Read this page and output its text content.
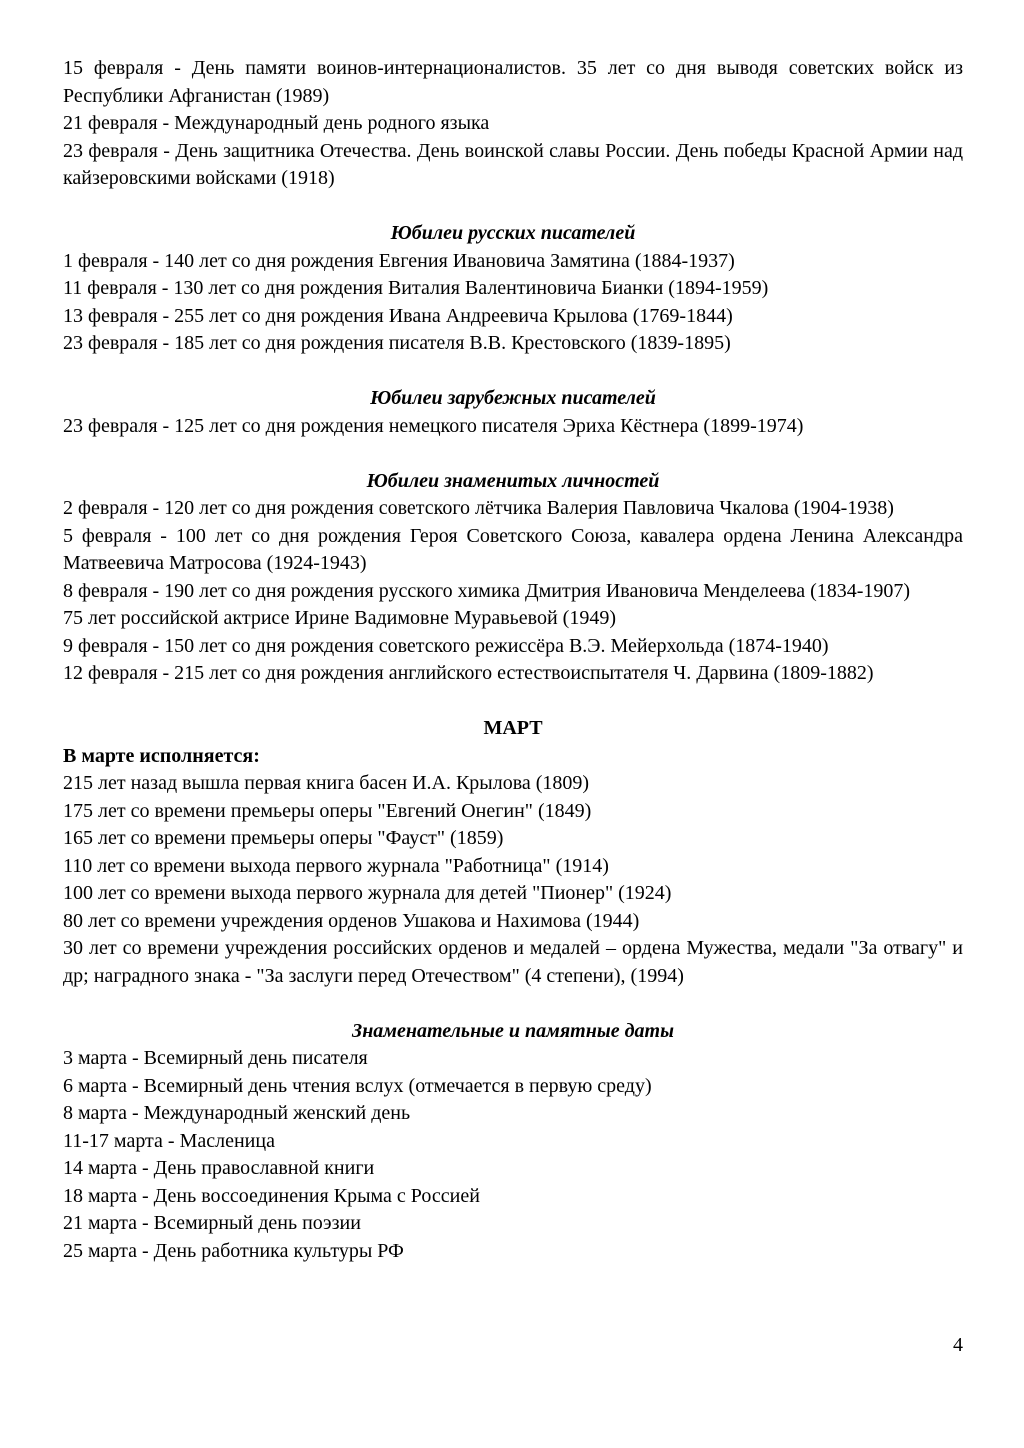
15 февраля - День памяти воинов-интернационалистов. 35 лет со дня выводя советских войск из Республики Афганистан (1989)

21 февраля - Международный день родного языка

23 февраля - День защитника Отечества. День воинской славы России. День победы Красной Армии над кайзеровскими войсками (1918)

Юбилеи русских писателей

1 февраля - 140 лет со дня рождения Евгения Ивановича Замятина (1884-1937)

11 февраля - 130 лет со дня рождения Виталия Валентиновича Бианки (1894-1959)

13 февраля - 255 лет со дня рождения Ивана Андреевича Крылова (1769-1844)

23 февраля - 185 лет со дня рождения писателя В.В. Крестовского (1839-1895)

Юбилеи зарубежных писателей

23 февраля - 125 лет со дня рождения немецкого писателя Эриха Кёстнера (1899-1974)

Юбилеи знаменитых личностей

2 февраля - 120 лет со дня рождения советского лётчика Валерия Павловича Чкалова (1904-1938)

5 февраля - 100 лет со дня рождения Героя Советского Союза, кавалера ордена Ленина Александра Матвеевича Матросова (1924-1943)

8 февраля - 190 лет со дня рождения русского химика Дмитрия Ивановича Менделеева (1834-1907)

75 лет российской актрисе Ирине Вадимовне Муравьевой (1949)

9 февраля - 150 лет со дня рождения советского режиссёра В.Э. Мейерхольда (1874-1940)

12 февраля - 215 лет со дня рождения английского естествоиспытателя Ч. Дарвина (1809-1882)

МАРТ

В марте исполняется:

215 лет назад вышла первая книга басен И.А. Крылова (1809)

175 лет со времени премьеры оперы "Евгений Онегин" (1849)

165 лет со времени премьеры оперы "Фауст" (1859)

110 лет со времени выхода первого журнала "Работница" (1914)

100 лет со времени выхода первого журнала для детей "Пионер" (1924)

80 лет со времени учреждения орденов Ушакова и Нахимова (1944)

30 лет со времени учреждения российских орденов и медалей – ордена Мужества, медали "За отвагу" и др; наградного знака - "За заслуги перед Отечеством" (4 степени), (1994)

Знаменательные и памятные даты

3 марта - Всемирный день писателя

6 марта - Всемирный день чтения вслух (отмечается в первую среду)

8 марта - Международный женский день

11-17 марта - Масленица

14 марта - День православной книги

18 марта - День воссоединения Крыма с Россией

21 марта - Всемирный день поэзии

25 марта - День работника культуры РФ

4
